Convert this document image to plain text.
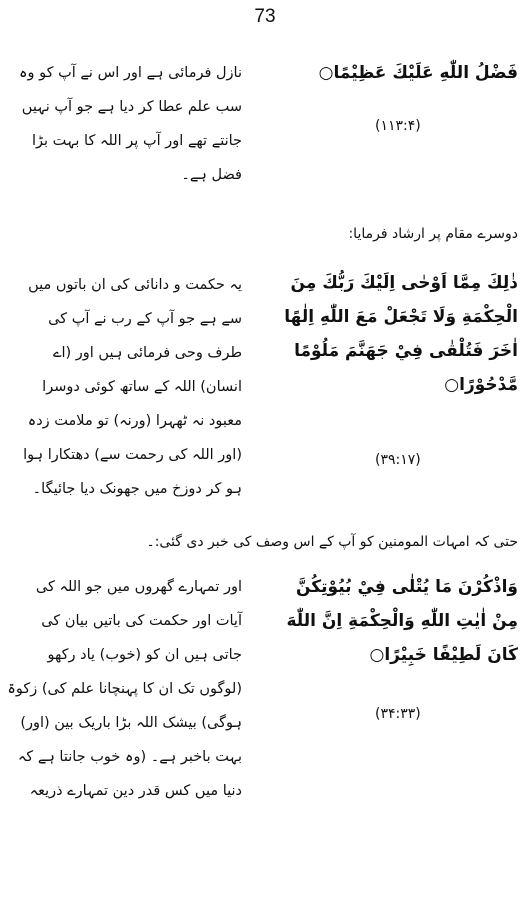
73
فَضْلُ اللّٰهِ عَلَيْكَ عَظِيْمًا○
(۱۱۳:۴)
نازل فرمائی ہے اور اس نے آپ کو وہ
سب علم عطا کر دیا ہے جو آپ نہیں
جانتے تھے اور آپ پر اللہ کا بہت بڑا
فضل ہے۔
دوسرے مقام پر ارشاد فرمایا:
ذٰلِكَ مِمَّا اَوْحٰى اِلَيْكَ رَبُّكَ مِنَ
الْحِكْمَةِ وَلَا تَجْعَلْ مَعَ اللّٰهِ اِلٰهًا
اٰخَرَ فَتُلْقٰى فِيْ جَهَنَّمَ مَلُوْمًا
مَّدْحُوْرًا○
(۳۹:۱۷)
یہ حکمت و دانائی کی ان باتوں میں
سے ہے جو آپ کے رب نے آپ کی
طرف وحی فرمائی ہیں اور (اے
انسان) اللہ کے ساتھ کوئی دوسرا
معبود نہ ٹھہرا (ورنہ) تو ملامت زدہ
(اور اللہ کی رحمت سے) دھتکارا ہوا
ہو کر دوزخ میں جھونک دیا جائیگا۔
حتی کہ امہات المومنین کو آپ کے اس وصف کی خبر دی گئی:۔
وَاذْكُرْنَ مَا يُتْلٰى فِيْ بُيُوْتِكُنَّ
مِنْ اٰيٰتِ اللّٰهِ وَالْحِكْمَةِ اِنَّ اللّٰهَ
كَانَ لَطِيْفًا خَبِيْرًا○
(۳۴:۳۳)
اور تمہارے گھروں میں جو اللہ کی
آیات اور حکمت کی باتیں بیان کی
جاتی ہیں ان کو (خوب) یاد رکھو
(لوگوں تک ان کا پہنچانا علم کی) زکوۃ
ہوگی) بیشک اللہ بڑا باریک بین (اور)
بہت باخبر ہے۔ (وہ خوب جانتا ہے کہ
دنیا میں کس قدر دین تمہارے ذریعہ
